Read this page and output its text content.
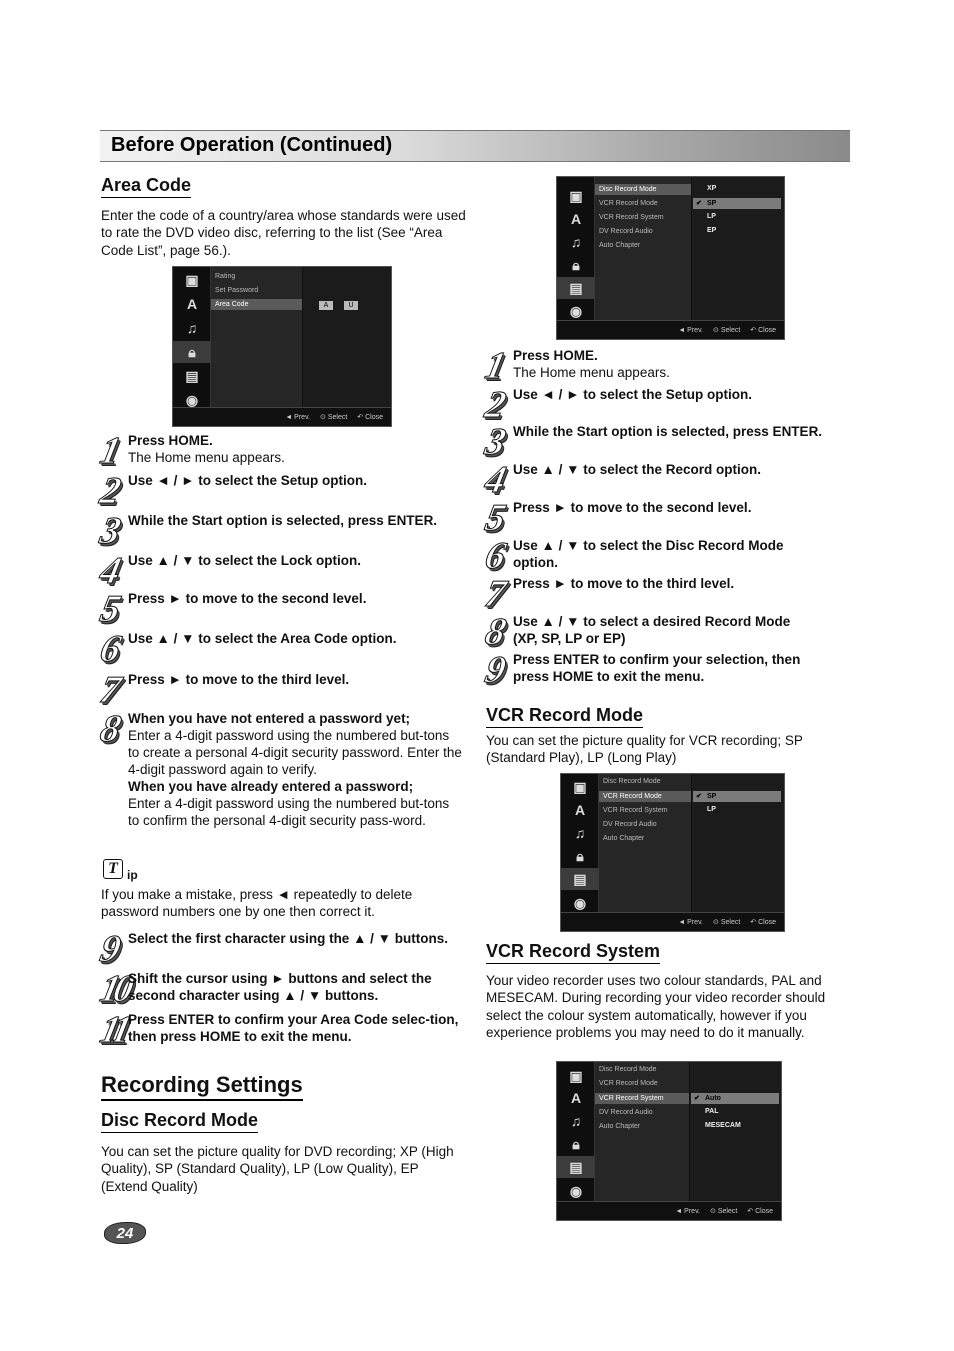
Before Operation (Continued)
Area Code
Enter the code of a country/area whose standards were used to rate the DVD video disc, referring to the list (See “Area Code List”, page 56.).
▣
A
♫
🔒︎
▤
◉
Rating
Set Password
Area Code	A	U
◄ Prev. ⊙ Select ↶ Close
1 Press HOME.
The Home menu appears.
2 Use ◄ / ► to select the Setup option.
3 While the Start option is selected, press ENTER.
4 Use ▲ / ▼ to select the Lock option.
5 Press ► to move to the second level.
6 Use ▲ / ▼ to select the Area Code option.
7 Press ► to move to the third level.
8 When you have not entered a password yet;
Enter a 4-digit password using the numbered but-tons to create a personal 4-digit security password. Enter the 4-digit password again to verify.
When you have already entered a password;
Enter a 4-digit password using the numbered but-tons to confirm the personal 4-digit security pass-word.
T ip
If you make a mistake, press ◄ repeatedly to delete password numbers one by one then correct it.
9 Select the first character using the ▲ / ▼ buttons.
10
Shift the cursor using ► buttons and select the second character using ▲ / ▼ buttons.
11
Press ENTER to confirm your Area Code selec-tion, then press HOME to exit the menu.
Recording Settings
Disc Record Mode
You can set the picture quality for DVD recording; XP (High Quality), SP (Standard Quality), LP (Low Quality), EP (Extend Quality)
24
▣
A
♫
🔒︎
▤
◉
Disc Record Mode
VCR Record Mode
VCR Record System
DV Record Audio
Auto Chapter
XP
✔ SP
LP
EP
◄ Prev. ⊙ Select ↶ Close
1 Press HOME.
The Home menu appears.
2 Use ◄ / ► to select the Setup option.
3 While the Start option is selected, press ENTER.
4 Use ▲ / ▼ to select the Record option.
5 Press ► to move to the second level.
6 Use ▲ / ▼ to select the Disc Record Mode option.
7 Press ► to move to the third level.
8 Use ▲ / ▼ to select a desired Record Mode (XP, SP, LP or EP)
9 Press ENTER to confirm your selection, then press HOME to exit the menu.
VCR Record Mode
You can set the picture quality for VCR recording; SP (Standard Play), LP (Long Play)
▣
A
♫
🔒︎
▤
◉
Disc Record Mode
VCR Record Mode
VCR Record System
DV Record Audio
Auto Chapter
✔ SP
LP
◄ Prev. ⊙ Select ↶ Close
VCR Record System
Your video recorder uses two colour standards, PAL and MESECAM. During recording your video recorder should select the colour system automatically, however if you experience problems you may need to do it manually.
▣
A
♫
🔒︎
▤
◉
Disc Record Mode
VCR Record Mode
VCR Record System
DV Record Audio
Auto Chapter
✔ Auto
PAL
MESECAM
◄ Prev. ⊙ Select ↶ Close
